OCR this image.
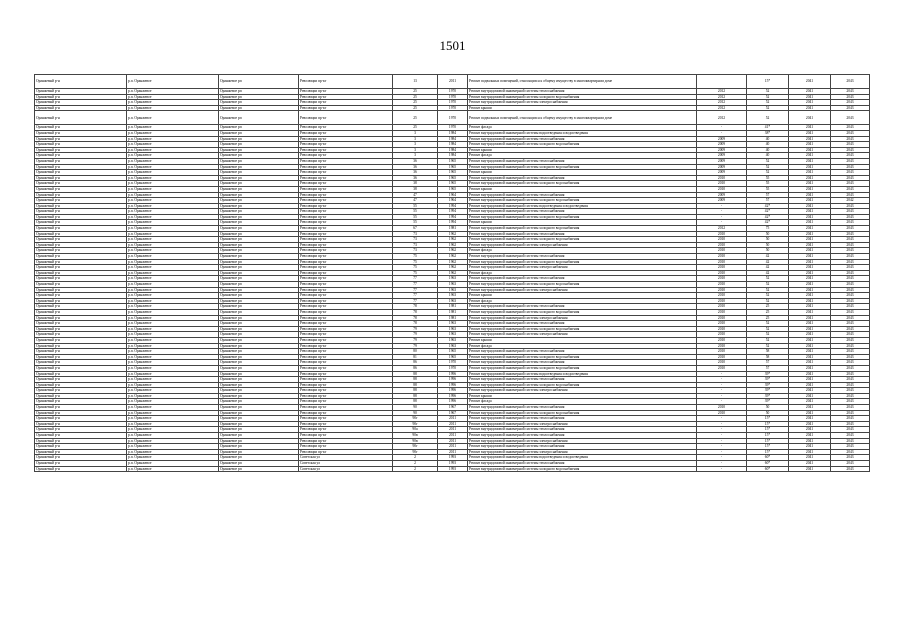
1501
Оранжевый р-н	р.п. Оранжевое	Оранжевое рп	Революции пр-кт	13	2011	Ремонт подвальных помещений, относящихся к общему имуществу в многоквартирном доме		15*	2041	2043
Оранжевый р-н	р.п. Оранжевое	Оранжевое рп	Революции пр-кт	25	1970	Ремонт внутридомовой инженерной системы теплоснабжения	2012	52	2041	2043
Оранжевый р-н	р.п. Оранжевое	Оранжевое рп	Революции пр-кт	25	1970	Ремонт внутридомовой инженерной системы холодного водоснабжения	2012	52	2041	2043
Оранжевый р-н	р.п. Оранжевое	Оранжевое рп	Революции пр-кт	25	1970	Ремонт внутридомовой инженерной системы электроснабжения	2012	52	2041	2043
Оранжевый р-н	р.п. Оранжевое	Оранжевое рп	Революции пр-кт	25	1970	Ремонт крыши	2012	52	2041	2043
Оранжевый р-н	р.п. Оранжевое	Оранжевое рп	Революции пр-кт	25	1970	Ремонт подвальных помещений, относящихся к общему имуществу в многоквартирном доме	2012	52	2041	2043
Оранжевый р-н	р.п. Оранжевое	Оранжевое рп	Революции пр-кт	25	1970	Ремонт фасада	-	41*	2041	2043
Оранжевый р-н	р.п. Оранжевое	Оранжевое рп	Революции пр-кт	3	1984	Ремонт внутридомовой инженерной системы водоотведения и водоотведения	-	38*	2041	2043
Оранжевый р-н	р.п. Оранжевое	Оранжевое рп	Революции пр-кт	3	1984	Ремонт внутридомовой инженерной системы теплоснабжения	2009	40	2041	2043
Оранжевый р-н	р.п. Оранжевое	Оранжевое рп	Революции пр-кт	3	1984	Ремонт внутридомовой инженерной системы холодного водоснабжения	2009	40	2041	2043
Оранжевый р-н	р.п. Оранжевое	Оранжевое рп	Революции пр-кт	3	1984	Ремонт крыши	2009	40	2041	2043
Оранжевый р-н	р.п. Оранжевое	Оранжевое рп	Революции пр-кт	3	1984	Ремонт фасада	2009	40	2041	2043
Оранжевый р-н	р.п. Оранжевое	Оранжевое рп	Революции пр-кт	36	1965	Ремонт внутридомовой инженерной системы теплоснабжения	2009	52	2041	2043
Оранжевый р-н	р.п. Оранжевое	Оранжевое рп	Революции пр-кт	36	1965	Ремонт внутридомовой инженерной системы холодного водоснабжения	2009	52	2041	2043
Оранжевый р-н	р.п. Оранжевое	Оранжевое рп	Революции пр-кт	36	1965	Ремонт крыши	2009	52	2041	2043
Оранжевый р-н	р.п. Оранжевое	Оранжевое рп	Революции пр-кт	36	1965	Ремонт внутридомовой инженерной системы теплоснабжения	2010	55	2041	2043
Оранжевый р-н	р.п. Оранжевое	Оранжевое рп	Революции пр-кт	38	1965	Ремонт внутридомовой инженерной системы холодного водоснабжения	2010	55	2041	2043
Оранжевый р-н	р.п. Оранжевое	Оранжевое рп	Революции пр-кт	38	1965	Ремонт крыши	2010	55	2041	2043
Оранжевый р-н	р.п. Оранжевое	Оранжевое рп	Революции пр-кт	47	1964	Ремонт внутридомовой инженерной системы теплоснабжения	2009	57	2041	2043
Оранжевый р-н	р.п. Оранжевое	Оранжевое рп	Революции пр-кт	47	1964	Ремонт внутридомовой инженерной системы холодного водоснабжения	2009	57	2041	2042
Оранжевый р-н	р.п. Оранжевое	Оранжевое рп	Революции пр-кт	55	1994	Ремонт внутридомовой инженерной системы водоотведения и водоотведения	-	42*	2041	2043
Оранжевый р-н	р.п. Оранжевое	Оранжевое рп	Революции пр-кт	55	1994	Ремонт внутридомовой инженерной системы теплоснабжения	-	42*	2041	2043
Оранжевый р-н	р.п. Оранжевое	Оранжевое рп	Революции пр-кт	55	1994	Ремонт внутридомовой инженерной системы холодного водоснабжения	-	42*	2041	2043
Оранжевый р-н	р.п. Оранжевое	Оранжевое рп	Революции пр-кт	55	1994	Ремонт крыши	-	42*	2041	2043
Оранжевый р-н	р.п. Оранжевое	Оранжевое рп	Революции пр-кт	67	1981	Ремонт внутридомовой инженерной системы холодного водоснабжения	2012	75	2041	2043
Оранжевый р-н	р.п. Оранжевое	Оранжевое рп	Революции пр-кт	73	1962	Ремонт внутридомовой инженерной системы теплоснабжения	2010	50	2041	2043
Оранжевый р-н	р.п. Оранжевое	Оранжевое рп	Революции пр-кт	73	1962	Ремонт внутридомовой инженерной системы холодного водоснабжения	2010	50	2041	2043
Оранжевый р-н	р.п. Оранжевое	Оранжевое рп	Революции пр-кт	73	1962	Ремонт внутридомовой инженерной системы электроснабжения	2010	50	2041	2043
Оранжевый р-н	р.п. Оранжевое	Оранжевое рп	Революции пр-кт	73	1962	Ремонт фасада	2010	50	2041	2043
Оранжевый р-н	р.п. Оранжевое	Оранжевое рп	Революции пр-кт	75	1962	Ремонт внутридомовой инженерной системы теплоснабжения	2010	42	2041	2043
Оранжевый р-н	р.п. Оранжевое	Оранжевое рп	Революции пр-кт	75	1962	Ремонт внутридомовой инженерной системы холодного водоснабжения	2010	42	2041	2043
Оранжевый р-н	р.п. Оранжевое	Оранжевое рп	Революции пр-кт	75	1962	Ремонт внутридомовой инженерной системы электроснабжения	2010	42	2041	2043
Оранжевый р-н	р.п. Оранжевое	Оранжевое рп	Революции пр-кт	75	1962	Ремонт фасада	2010	42	2041	2043
Оранжевый р-н	р.п. Оранжевое	Оранжевое рп	Революции пр-кт	77	1963	Ремонт внутридомовой инженерной системы теплоснабжения	2010	52	2041	2043
Оранжевый р-н	р.п. Оранжевое	Оранжевое рп	Революции пр-кт	77	1963	Ремонт внутридомовой инженерной системы холодного водоснабжения	2010	52	2041	2043
Оранжевый р-н	р.п. Оранжевое	Оранжевое рп	Революции пр-кт	77	1963	Ремонт внутридомовой инженерной системы электроснабжения	2010	52	2041	2043
Оранжевый р-н	р.п. Оранжевое	Оранжевое рп	Революции пр-кт	77	1963	Ремонт крыши	2010	52	2041	2043
Оранжевый р-н	р.п. Оранжевое	Оранжевое рп	Революции пр-кт	77	1963	Ремонт фасада	2010	52	2041	2043
Оранжевый р-н	р.п. Оранжевое	Оранжевое рп	Революции пр-кт	78	1981	Ремонт внутридомовой инженерной системы теплоснабжения	2010	25	2041	2043
Оранжевый р-н	р.п. Оранжевое	Оранжевое рп	Революции пр-кт	78	1981	Ремонт внутридомовой инженерной системы холодного водоснабжения	2010	25	2041	2043
Оранжевый р-н	р.п. Оранжевое	Оранжевое рп	Революции пр-кт	78	1981	Ремонт внутридомовой инженерной системы электроснабжения	2010	25	2041	2043
Оранжевый р-н	р.п. Оранжевое	Оранжевое рп	Революции пр-кт	78	1963	Ремонт внутридомовой инженерной системы теплоснабжения	2010	52	2041	2043
Оранжевый р-н	р.п. Оранжевое	Оранжевое рп	Революции пр-кт	79	1963	Ремонт внутридомовой инженерной системы холодного водоснабжения	2010	52	2041	2043
Оранжевый р-н	р.п. Оранжевое	Оранжевое рп	Революции пр-кт	79	1963	Ремонт внутридомовой инженерной системы электроснабжения	2010	52	2041	2043
Оранжевый р-н	р.п. Оранжевое	Оранжевое рп	Революции пр-кт	79	1963	Ремонт крыши	2010	52	2041	2043
Оранжевый р-н	р.п. Оранжевое	Оранжевое рп	Революции пр-кт	79	1963	Ремонт фасада	2010	52	2041	2043
Оранжевый р-н	р.п. Оранжевое	Оранжевое рп	Революции пр-кт	80	1965	Ремонт внутридомовой инженерной системы теплоснабжения	2010	58	2041	2043
Оранжевый р-н	р.п. Оранжевое	Оранжевое рп	Революции пр-кт	81	1965	Ремонт внутридомовой инженерной системы холодного водоснабжения	2010	58	2041	2043
Оранжевый р-н	р.п. Оранжевое	Оранжевое рп	Революции пр-кт	86	1970	Ремонт внутридомовой инженерной системы теплоснабжения	2010	57	2041	2043
Оранжевый р-н	р.п. Оранжевое	Оранжевое рп	Революции пр-кт	86	1970	Ремонт внутридомовой инженерной системы холодного водоснабжения	2010	57	2041	2043
Оранжевый р-н	р.п. Оранжевое	Оранжевое рп	Революции пр-кт	88	1996	Ремонт внутридомовой инженерной системы водоотведения и водоотведения	-	39*	2041	2043
Оранжевый р-н	р.п. Оранжевое	Оранжевое рп	Революции пр-кт	88	1996	Ремонт внутридомовой инженерной системы теплоснабжения	-	39*	2041	2043
Оранжевый р-н	р.п. Оранжевое	Оранжевое рп	Революции пр-кт	88	1996	Ремонт внутридомовой инженерной системы холодного водоснабжения	-	39*	2041	2043
Оранжевый р-н	р.п. Оранжевое	Оранжевое рп	Революции пр-кт	88	1996	Ремонт внутридомовой инженерной системы электроснабжения	-	39*	2041	2043
Оранжевый р-н	р.п. Оранжевое	Оранжевое рп	Революции пр-кт	88	1996	Ремонт крыши	-	39*	2041	2043
Оранжевый р-н	р.п. Оранжевое	Оранжевое рп	Революции пр-кт	88	1996	Ремонт фасада	-	39*	2041	2043
Оранжевый р-н	р.п. Оранжевое	Оранжевое рп	Революции пр-кт	90	1967	Ремонт внутридомовой инженерной системы теплоснабжения	2010	50	2041	2043
Оранжевый р-н	р.п. Оранжевое	Оранжевое рп	Революции пр-кт	90	1967	Ремонт внутридомовой инженерной системы холодного водоснабжения	2010	50	2041	2043
Оранжевый р-н	р.п. Оранжевое	Оранжевое рп	Революции пр-кт	90г	2011	Ремонт внутридомовой инженерной системы теплоснабжения	-	15*	2041	2043
Оранжевый р-н	р.п. Оранжевое	Оранжевое рп	Революции пр-кт	90г	2011	Ремонт внутридомовой инженерной системы электроснабжения	-	15*	2041	2043
Оранжевый р-н	р.п. Оранжевое	Оранжевое рп	Революции пр-кт	90а	2011	Ремонт внутридомовой инженерной системы теплоснабжения	-	15*	2041	2043
Оранжевый р-н	р.п. Оранжевое	Оранжевое рп	Революции пр-кт	90в	2011	Ремонт внутридомовой инженерной системы теплоснабжения	-	15*	2041	2043
Оранжевый р-н	р.п. Оранжевое	Оранжевое рп	Революции пр-кт	90в	2011	Ремонт внутридомовой инженерной системы электроснабжения	-	15*	2041	2043
Оранжевый р-н	р.п. Оранжевое	Оранжевое рп	Революции пр-кт	90г	2011	Ремонт внутридомовой инженерной системы теплоснабжения	-	15*	2041	2043
Оранжевый р-н	р.п. Оранжевое	Оранжевое рп	Революции пр-кт	90г	2011	Ремонт внутридомовой инженерной системы электроснабжения	-	15*	2041	2043
Оранжевый р-н	р.п. Оранжевое	Оранжевое рп	Советская ул	2	1993	Ремонт внутридомовой инженерной системы водоотведения и водоотведения	-	60*	2041	2043
Оранжевый р-н	р.п. Оранжевое	Оранжевое рп	Советская ул	2	1993	Ремонт внутридомовой инженерной системы теплоснабжения	-	60*	2041	2043
Оранжевый р-н	р.п. Оранжевое	Оранжевое рп	Советская ул	2	1993	Ремонт внутридомовой инженерной системы холодного водоснабжения	-	60*	2041	2043
